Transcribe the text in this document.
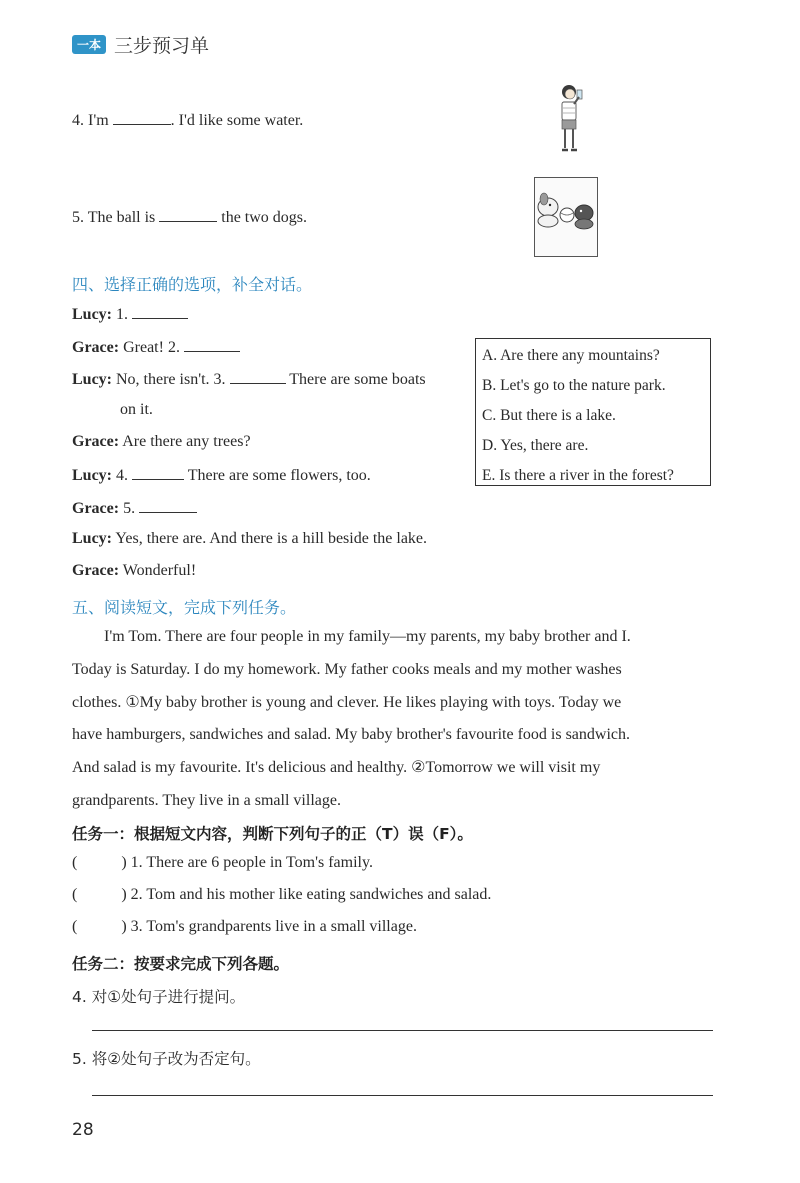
一本 三步预习单
4. I'm	. I'd like some water.
5. The ball is	the two dogs.
四、选择正确的选项，补全对话。
Lucy: 1.
Grace: Great! 2.
Lucy: No, there isn't. 3.	There are some boats
on it.
Grace: Are there any trees?
Lucy: 4.	There are some flowers, too.
Grace: 5.
Lucy: Yes, there are. And there is a hill beside the lake.
Grace: Wonderful!
A. Are there any mountains?
B. Let's go to the nature park.
C. But there is a lake.
D. Yes, there are.
E. Is there a river in the forest?
五、阅读短文，完成下列任务。
I'm Tom. There are four people in my family—my parents, my baby brother and I.
Today is Saturday. I do my homework. My father cooks meals and my mother washes
clothes. ①My baby brother is young and clever. He likes playing with toys. Today we
have hamburgers, sandwiches and salad. My baby brother's favourite food is sandwich.
And salad is my favourite. It's delicious and healthy. ②Tomorrow we will visit my
grandparents. They live in a small village.
任务一：根据短文内容，判断下列句子的正（T）误（F）。
(	) 1. There are 6 people in Tom's family.
(	) 2. Tom and his mother like eating sandwiches and salad.
(	) 3. Tom's grandparents live in a small village.
任务二：按要求完成下列各题。
4. 对①处句子进行提问。
5. 将②处句子改为否定句。
28
